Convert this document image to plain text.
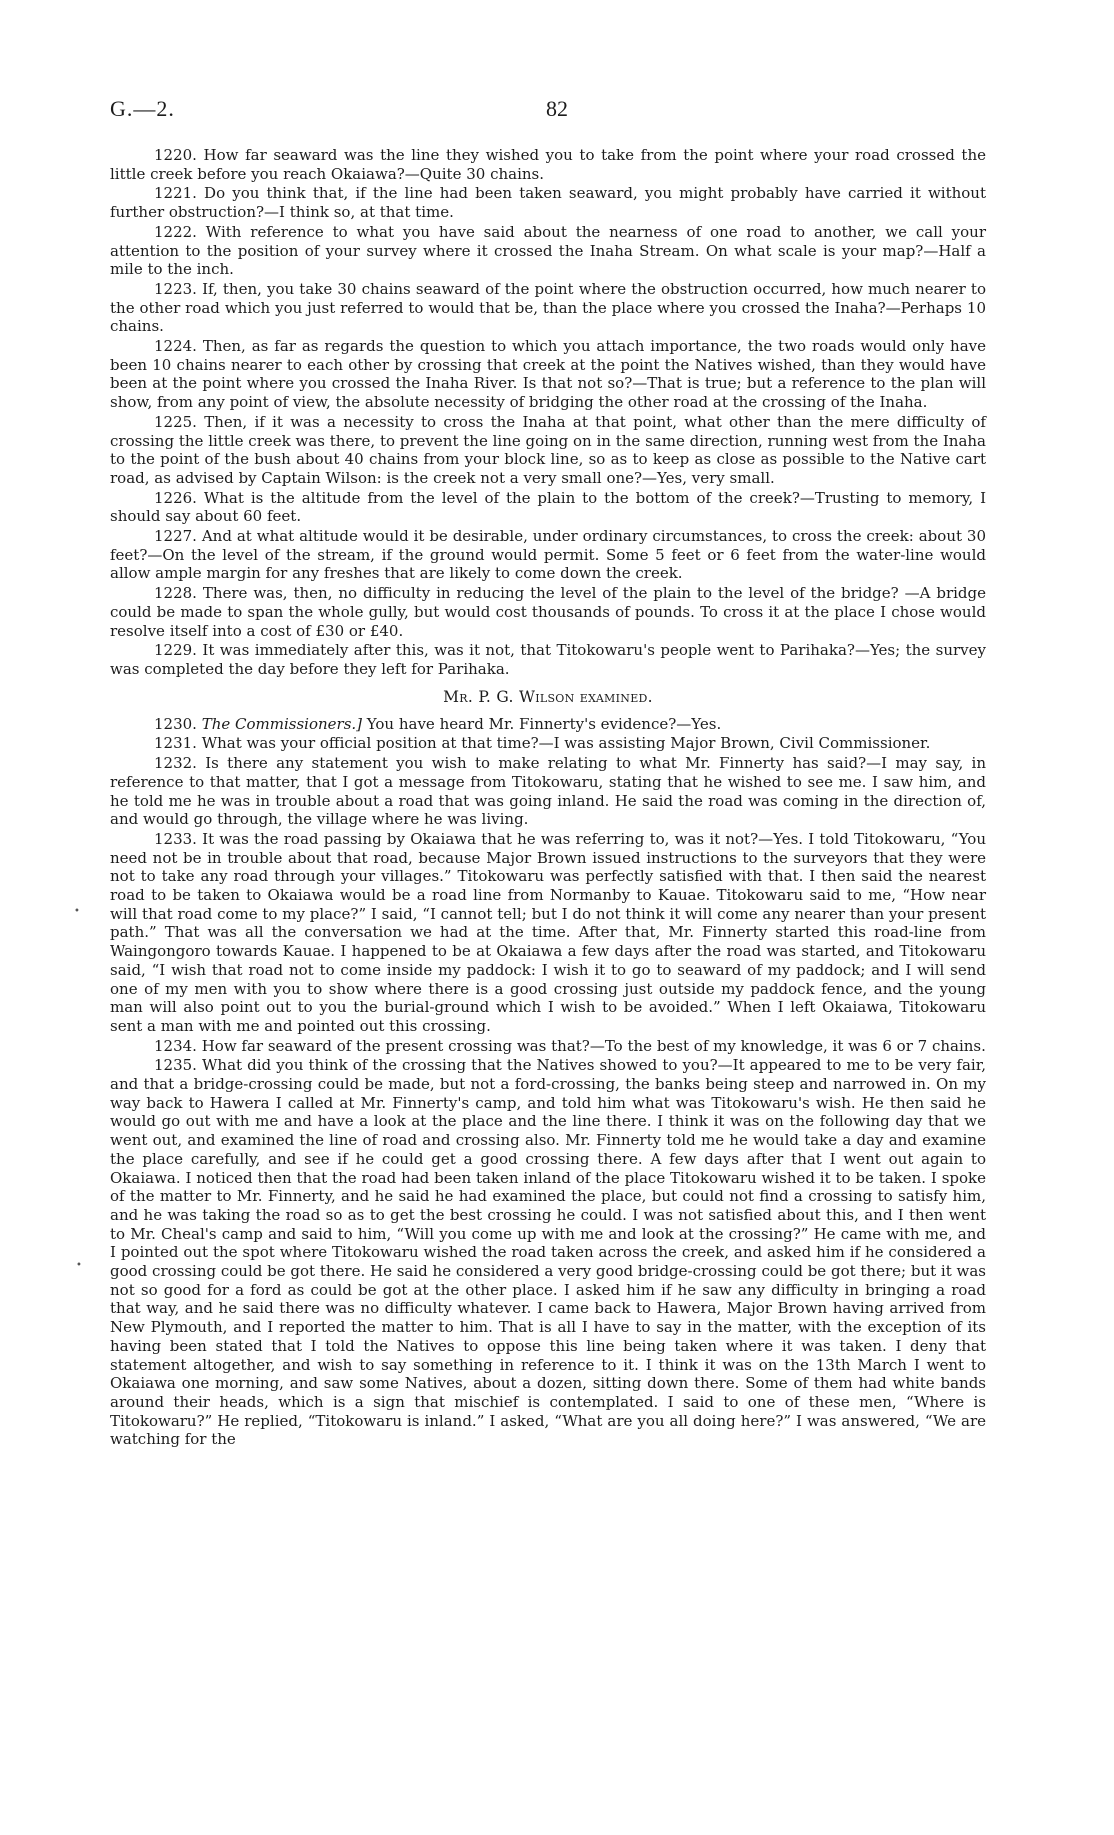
G.—2.	82

1220. How far seaward was the line they wished you to take from the point where your road crossed the little creek before you reach Okaiawa?—Quite 30 chains.

1221. Do you think that, if the line had been taken seaward, you might probably have carried it without further obstruction?—I think so, at that time.

1222. With reference to what you have said about the nearness of one road to another, we call your attention to the position of your survey where it crossed the Inaha Stream. On what scale is your map?—Half a mile to the inch.

1223. If, then, you take 30 chains seaward of the point where the obstruction occurred, how much nearer to the other road which you just referred to would that be, than the place where you crossed the Inaha?—Perhaps 10 chains.

1224. Then, as far as regards the question to which you attach importance, the two roads would only have been 10 chains nearer to each other by crossing that creek at the point the Natives wished, than they would have been at the point where you crossed the Inaha River. Is that not so?—That is true; but a reference to the plan will show, from any point of view, the absolute necessity of bridging the other road at the crossing of the Inaha.

1225. Then, if it was a necessity to cross the Inaha at that point, what other than the mere difficulty of crossing the little creek was there, to prevent the line going on in the same direction, running west from the Inaha to the point of the bush about 40 chains from your block line, so as to keep as close as possible to the Native cart road, as advised by Captain Wilson: is the creek not a very small one?—Yes, very small.

1226. What is the altitude from the level of the plain to the bottom of the creek?—Trusting to memory, I should say about 60 feet.

1227. And at what altitude would it be desirable, under ordinary circumstances, to cross the creek: about 30 feet?—On the level of the stream, if the ground would permit. Some 5 feet or 6 feet from the water-line would allow ample margin for any freshes that are likely to come down the creek.

1228. There was, then, no difficulty in reducing the level of the plain to the level of the bridge? —A bridge could be made to span the whole gully, but would cost thousands of pounds. To cross it at the place I chose would resolve itself into a cost of £30 or £40.

1229. It was immediately after this, was it not, that Titokowaru's people went to Parihaka?—Yes; the survey was completed the day before they left for Parihaka.

Mr. P. G. Wilson examined.

1230. The Commissioners.] You have heard Mr. Finnerty's evidence?—Yes.

1231. What was your official position at that time?—I was assisting Major Brown, Civil Commissioner.

1232. Is there any statement you wish to make relating to what Mr. Finnerty has said?—I may say, in reference to that matter, that I got a message from Titokowaru, stating that he wished to see me. I saw him, and he told me he was in trouble about a road that was going inland. He said the road was coming in the direction of, and would go through, the village where he was living.

1233. It was the road passing by Okaiawa that he was referring to, was it not?—Yes. I told Titokowaru, “You need not be in trouble about that road, because Major Brown issued instructions to the surveyors that they were not to take any road through your villages.” Titokowaru was perfectly satisfied with that. I then said the nearest road to be taken to Okaiawa would be a road line from Normanby to Kauae. Titokowaru said to me, “How near will that road come to my place?” I said, “I cannot tell; but I do not think it will come any nearer than your present path.” That was all the conversation we had at the time. After that, Mr. Finnerty started this road-line from Waingongoro towards Kauae. I happened to be at Okaiawa a few days after the road was started, and Titokowaru said, “I wish that road not to come inside my paddock: I wish it to go to seaward of my paddock; and I will send one of my men with you to show where there is a good crossing just outside my paddock fence, and the young man will also point out to you the burial-ground which I wish to be avoided.” When I left Okaiawa, Titokowaru sent a man with me and pointed out this crossing.

1234. How far seaward of the present crossing was that?—To the best of my knowledge, it was 6 or 7 chains.

1235. What did you think of the crossing that the Natives showed to you?—It appeared to me to be very fair, and that a bridge-crossing could be made, but not a ford-crossing, the banks being steep and narrowed in. On my way back to Hawera I called at Mr. Finnerty's camp, and told him what was Titokowaru's wish. He then said he would go out with me and have a look at the place and the line there. I think it was on the following day that we went out, and examined the line of road and crossing also. Mr. Finnerty told me he would take a day and examine the place carefully, and see if he could get a good crossing there. A few days after that I went out again to Okaiawa. I noticed then that the road had been taken inland of the place Titokowaru wished it to be taken. I spoke of the matter to Mr. Finnerty, and he said he had examined the place, but could not find a crossing to satisfy him, and he was taking the road so as to get the best crossing he could. I was not satisfied about this, and I then went to Mr. Cheal's camp and said to him, “Will you come up with me and look at the crossing?” He came with me, and I pointed out the spot where Titokowaru wished the road taken across the creek, and asked him if he considered a good crossing could be got there. He said he considered a very good bridge-crossing could be got there; but it was not so good for a ford as could be got at the other place. I asked him if he saw any difficulty in bringing a road that way, and he said there was no difficulty whatever. I came back to Hawera, Major Brown having arrived from New Plymouth, and I reported the matter to him. That is all I have to say in the matter, with the exception of its having been stated that I told the Natives to oppose this line being taken where it was taken. I deny that statement altogether, and wish to say something in reference to it. I think it was on the 13th March I went to Okaiawa one morning, and saw some Natives, about a dozen, sitting down there. Some of them had white bands around their heads, which is a sign that mischief is contemplated. I said to one of these men, “Where is Titokowaru?” He replied, “Titokowaru is inland.” I asked, “What are you all doing here?” I was answered, “We are watching for the

•
•
